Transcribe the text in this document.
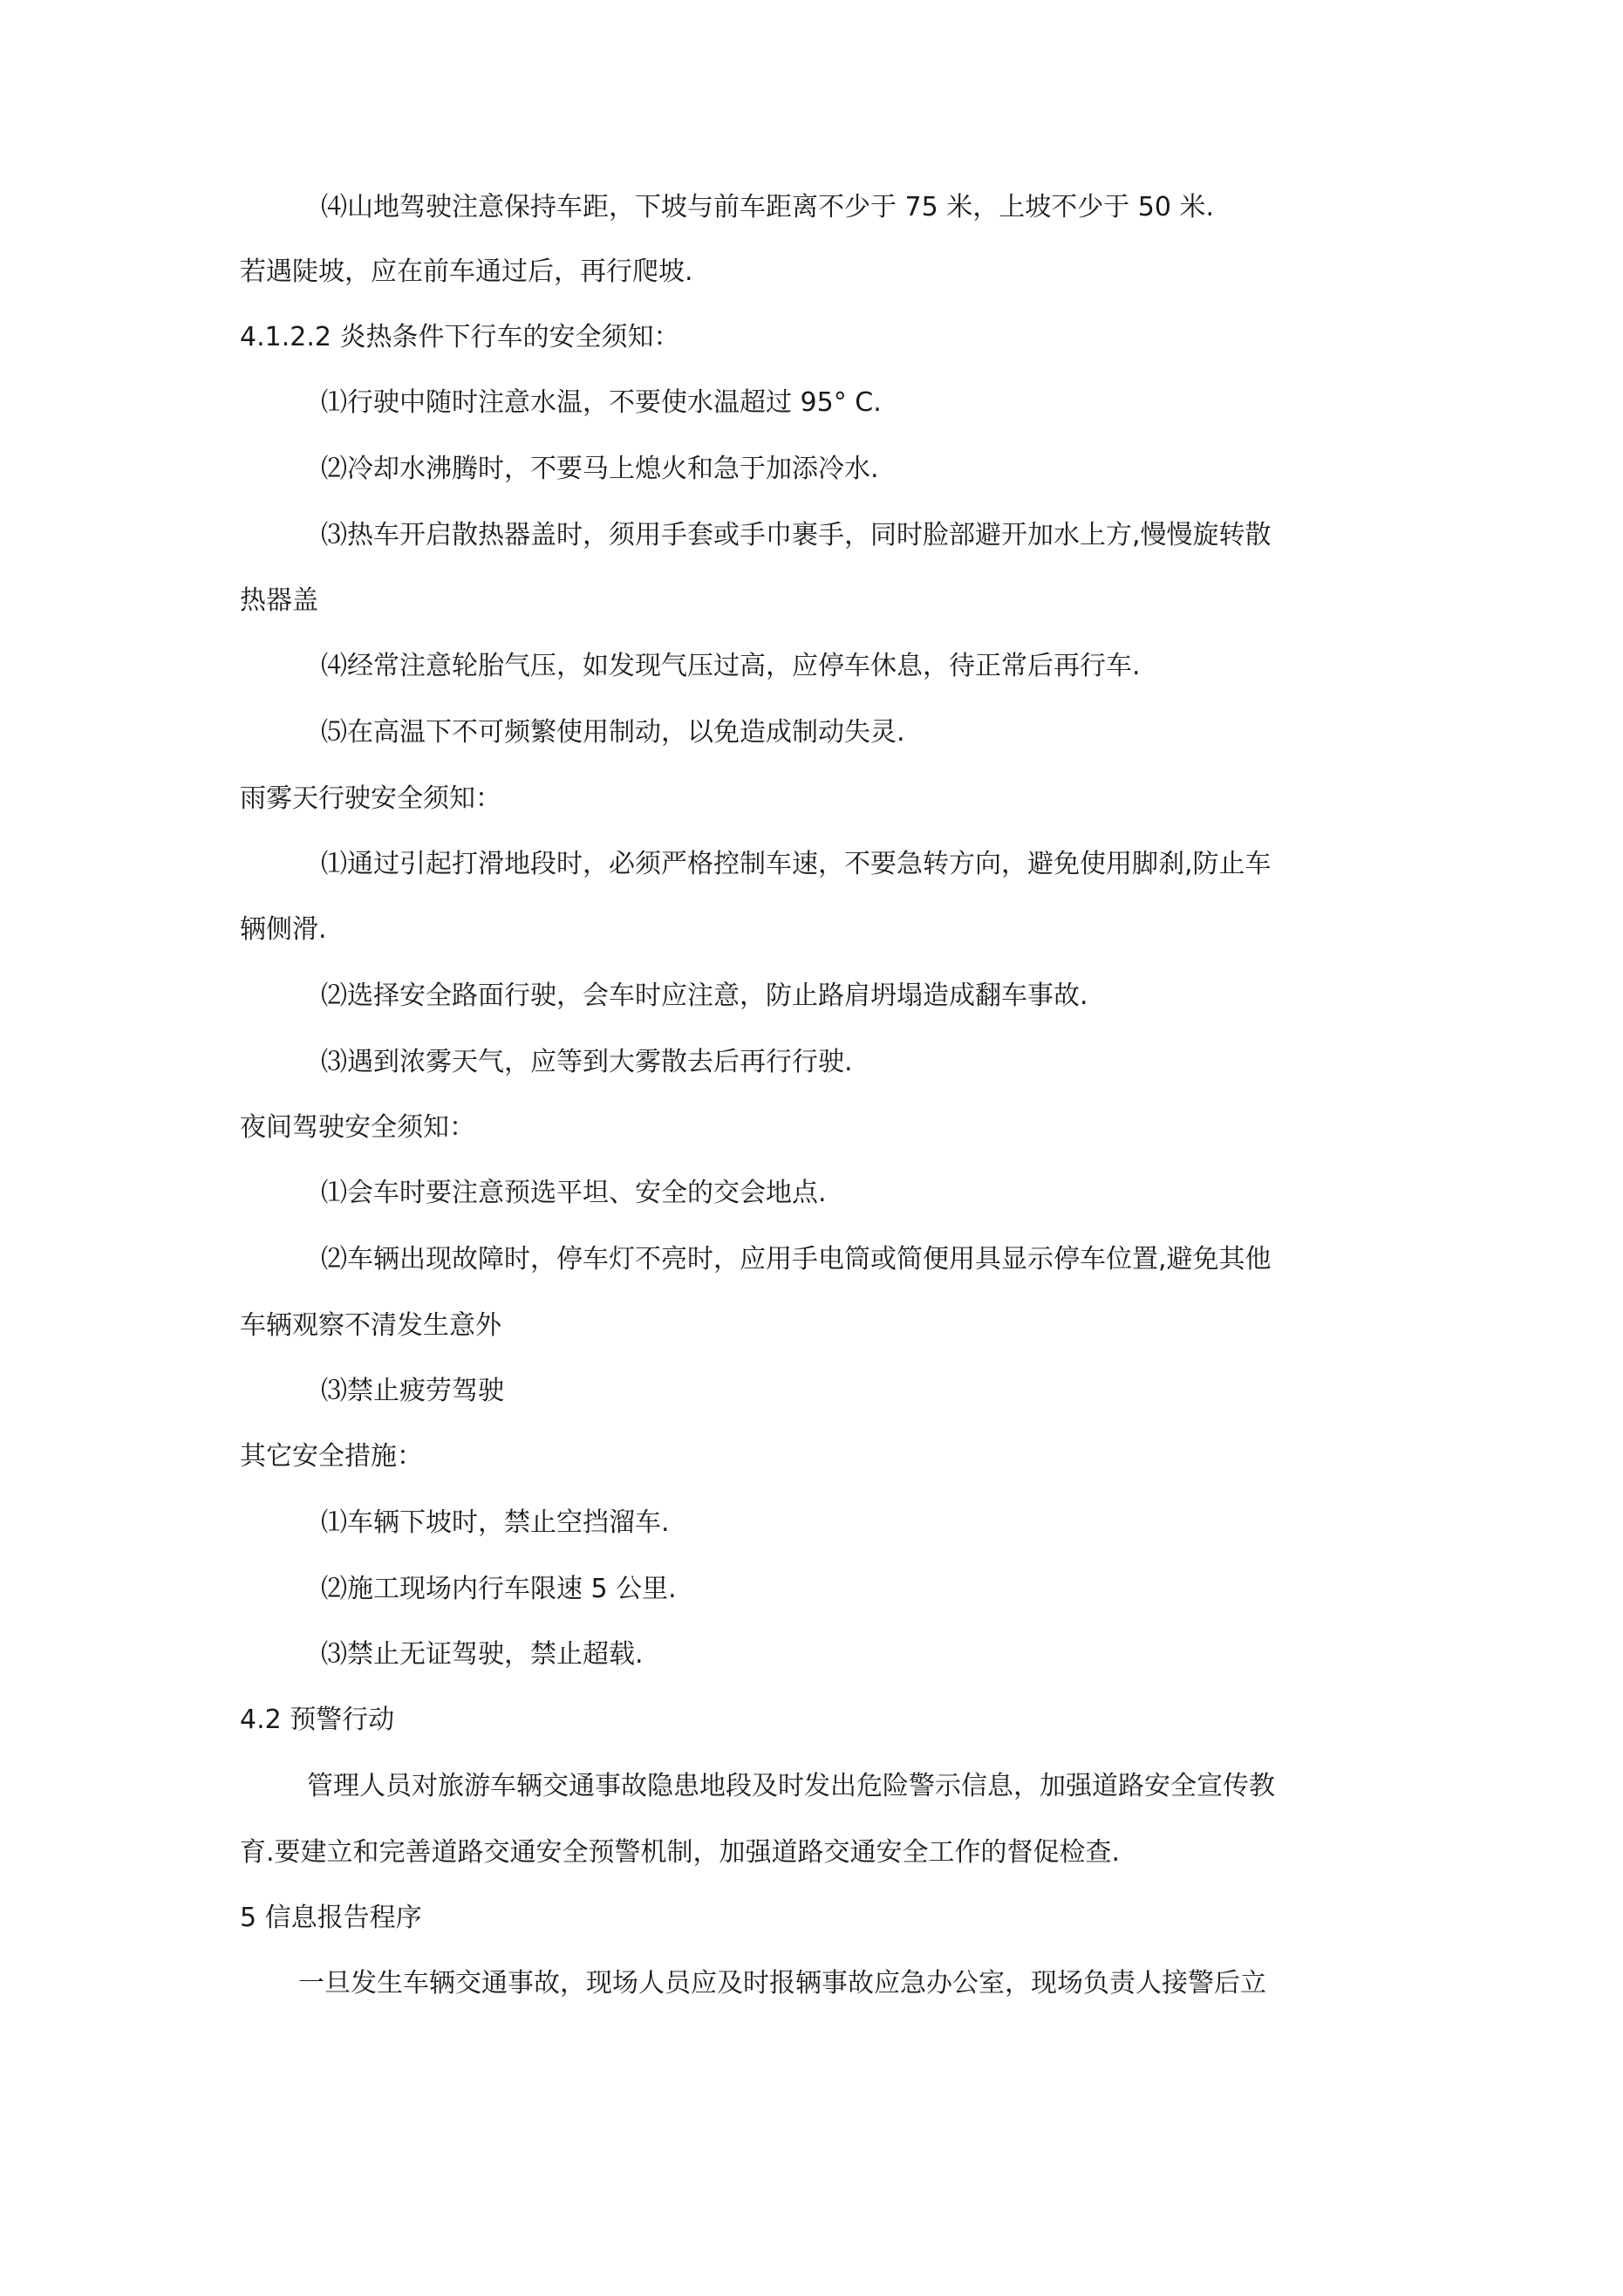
⑷山地驾驶注意保持车距，下坡与前车距离不少于 75 米，上坡不少于 50 米.

若遇陡坡，应在前车通过后，再行爬坡.

4.1.2.2 炎热条件下行车的安全须知：

⑴行驶中随时注意水温，不要使水温超过 95° C.

⑵冷却水沸腾时，不要马上熄火和急于加添冷水.

⑶热车开启散热器盖时，须用手套或手巾裹手，同时脸部避开加水上方,慢慢旋转散

热器盖

⑷经常注意轮胎气压，如发现气压过高，应停车休息，待正常后再行车.

⑸在高温下不可频繁使用制动，以免造成制动失灵.

雨雾天行驶安全须知：

⑴通过引起打滑地段时，必须严格控制车速，不要急转方向，避免使用脚刹,防止车

辆侧滑.

⑵选择安全路面行驶，会车时应注意，防止路肩坍塌造成翻车事故.

⑶遇到浓雾天气，应等到大雾散去后再行行驶.

夜间驾驶安全须知：

⑴会车时要注意预选平坦、安全的交会地点.

⑵车辆出现故障时，停车灯不亮时，应用手电筒或简便用具显示停车位置,避免其他

车辆观察不清发生意外

⑶禁止疲劳驾驶

其它安全措施：

⑴车辆下坡时，禁止空挡溜车.

⑵施工现场内行车限速 5 公里.

⑶禁止无证驾驶，禁止超载.

4.2 预警行动

管理人员对旅游车辆交通事故隐患地段及时发出危险警示信息，加强道路安全宣传教

育.要建立和完善道路交通安全预警机制，加强道路交通安全工作的督促检查.

5 信息报告程序

一旦发生车辆交通事故，现场人员应及时报辆事故应急办公室，现场负责人接警后立
